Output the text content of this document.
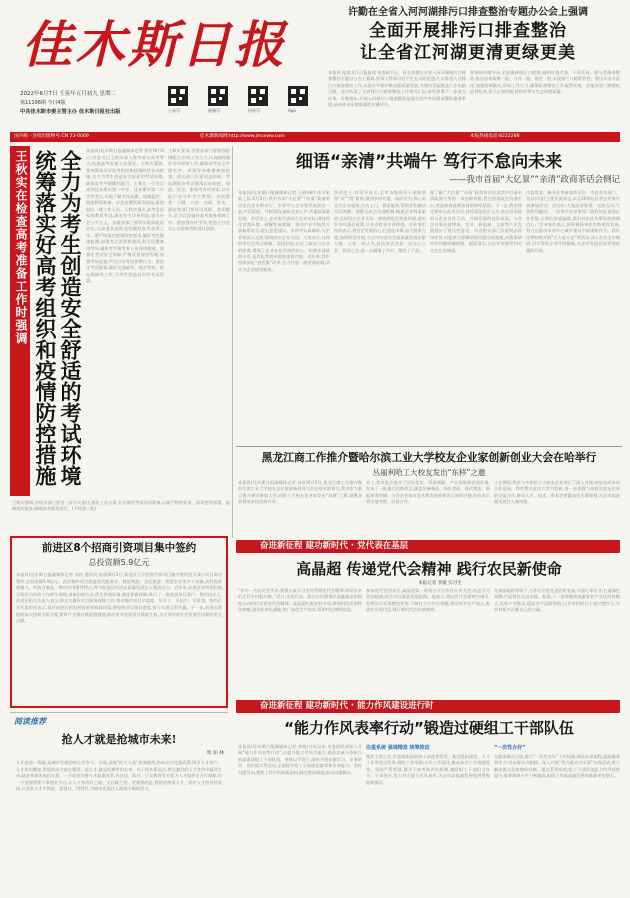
佳木斯日报
2022年6月7日 壬寅年五月初九 星期二
第11196期 今日4版
中共佳木斯市委主管主办 佳木斯日报社出版	公众号	视频号	抖音号	App
许勤在全省入河河湖排污口排查整治专题办公会上强调
全面开展排污口排查整治
让全省江河湖更清更绿更美
本报讯 据黑龙江日报报道 省委副书记、省长许勤在全省入河河湖排污口排查整治专题办公会上强调,要深入贯彻习近平生态文明思想,扎实推进入河排污口排查整治工作,以高水平保护推动高质量发展,为建设美丽黑龙江作出新贡献。会议听取了全省排污口排查整治工作情况汇报,研究部署下一步重点任务。许勤指出,开展入河排污口排查整治是落实党中央决策部署的重要举措,是改善水环境质量的关键环节。
要坚持问题导向,全面摸清排污口底数,做到应查尽查、不留死角。要分类推进整治,依法依规取缔一批、合并一批、规范一批,实现排污口精准管控。要压实各方责任,加强协调联动,形成工作合力,确保排查整治工作取得实效。各地各部门要强化监督检查,建立长效机制,持续改善水生态环境质量。
国内统一连续出版物号:CN 23-0069	佳木斯新闻网:http://www.jmsxww.com	本报热线电话:8222288
王秋实在检查高考准备工作时强调 统筹落实好高考组织和疫情防控措施 全力为考生创造安全舒适的考试环境 本报讯(佳木斯日报融媒体记者 徐哲)6月6日,市委书记王秋实深入我市部分高考考点,检查高考准备工作情况。王秋实强调,要统筹落实好高考组织和疫情防控各项措施,全力为考生创造安全舒适的考试环境,确保高考平稳顺利进行。王秋实一行先后来到佳木斯市第一中学、佳木斯市第二中学等考点,详细了解考场布置、视频监控、防疫物资准备、应急处置预案等情况,看望慰问一线工作人员。王秋实指出,高考是国家级教育考试,事关考生切身利益,事关社会公平正义。各地各部门要切实提高政治站位,以高度负责的态度做好高考各项工作。要严格落实疫情防控要求,做好考生健康监测,加强考点消杀和通风,科学设置备用考场,确保考生和考务人员身体健康。要强化考试安全保障,严格试卷保密管理,加强考场巡查,严厉打击考试作弊行为。要优化考试服务,做好交通疏导、噪音管控、供电保障等工作,为考生营造良好的考试环境。
王秋实要求,各级各部门要加强协调配合,形成工作合力,认真细致做好各项保障工作,确保高考安全平稳有序。市领导李继德参加检查。相关部门负责同志陪同。考试期间各考点要落实好防疫、保密、安全、服务等各项要求,以实际行动守护考生梦想。各级教育、卫健、公安、交通、供电、通信等部门要各司其职、密切配合,全力以赴做好高考服务保障工作。要加强宣传引导,营造全社会关心支持高考的良好氛围。
王秋实强调,各级各部门要进一步压实责任,细化工作方案,扎实做好考前各项准备,以最严格的标准、最周密的部署、最细致的服务,确保高考顺利进行。(下转第二版)
细语“亲清”共端午 笃行不怠向未来
——我市首届“大亿景”“亲清”政商茶话会侧记
本报讯(佳木斯日报融媒体记者 王健)端午佳节来临之际,6月2日,我市首届“大亿景”“亲清”政商茶话会在佳木斯举行。市领导与企业家代表围坐一起,共话发展、共叙情谊,倾听企业心声,共谋高质量发展。茶话会上,企业家代表结合企业实际,围绕优化营商环境、破解发展难题、推动产业升级等方面畅所欲言,提出意见建议。市领导认真倾听,与企业家深入交流,现场回应企业关切。大家表示,这样的茶话会形式新颖、氛围轻松,拉近了政府与企业的距离,增强了企业在佳发展的信心。构建亲清政商关系,是优化营商环境的重要内容。近年来,我市持续深化“放管服”改革,全力打造一流营商环境,切实为企业排忧解难。
茶话会上,市领导表示,全市各级领导干部要坚持“亲”“清”原则,做到亲而有度、清而有为,真心实意为企业服务,主动上门、靠前服务,帮助企业解决实际困难。要健全政企沟通机制,畅通企业诉求渠道,及时回应企业关切。要持续优化营商环境,落实好各项惠企政策,让企业有更多获得感。企业家们纷纷表示,将坚定发展信心,扎根佳木斯,加大投资力度,加快转型升级,为全市经济社会高质量发展贡献力量。大家一致认为,此次茶话会是一次交心之会、鼓劲之会,进一步凝聚了共识、激发了干劲。
据了解,“大亿景”“亲清”政商茶话会是我市打造亲清政商关系的一项创新举措,旨在搭建政企沟通平台,营造尊商重商亲商的浓厚氛围。下一步,我市将定期举办此类活动,持续深化政企互动,推动形成政府与企业良性互动、共同发展的良好局面。与会企业家还就物流、农业、新能源、文旅等产业发展提出了建设性意见。市直相关部门负责同志现场作答,对能够立即解决的问题当场拍板,对需要研究的问题明确时限、跟踪落实,让企业家感受到实实在在的诚意。
市委常委、秘书长等参加茶话会。市直有关部门、各县(市)区主要负责同志,以及30余位民营企业家代表参加活动。活动中,大家品茶叙情、交流互动,气氛热烈融洽。一位参会企业家说:“政府如此重视企业发展,让我们倍感温暖,我们对在佳木斯发展充满信心。”企业家们表示,将积极投身佳木斯建设发展,努力在推动东部中心城市建设中展现新作为。我市还将持续开展“万人进万企”等活动,深入企业走访调研,切实帮助企业纾困解难,为企业发展营造更加优越的环境。
黑龙江商工作推介暨哈尔滨工业大学校友企业家创新创业大会在哈举行
丛丽利哈工大校友发出“东移”之邀
本报讯(佳木斯日报融媒体记者 孙芳)6月5日,黑龙江商工作推介暨哈尔滨工业大学校友企业家创新创业大会在哈尔滨举行,我市作为重点推介城市参加大会,向哈工大校友企业家发出“东移”之邀,诚邀各界精英来佳投资兴业。
会上,我市重点推介了区位优势、资源禀赋、产业基础和营商环境,发布了一批重点招商项目,涵盖装备制造、绿色食品、现代物流、新能源等领域。与会企业家对佳木斯发展前景表示浓厚兴趣,纷纷表示将实地考察、洽谈合作。
大会期间,我市与多家哈工大校友企业进行了深入对接,初步达成多项合作意向。我市将以此次大会为契机,进一步加强与高校及校友企业的交流合作,推动人才、技术、资本等要素向佳木斯集聚,为全市高质量发展注入新动能。
前进区8个招商引资项目集中签约
总投资额5.9亿元
本报讯(佳木斯日报融媒体记者 刘洋 通讯员 张丽)6月2日,前进区召开招商引资项目集中签约仪式,8个项目成功签约,总投资额5.9亿元。此次签约项目涵盖现代服务业、商贸物流、文化旅游、智慧农业等多个领域,具有投资规模大、科技含量高、带动作用强等特点,将为前进区经济高质量发展注入强劲动力。近年来,前进区坚持把招商引资作为经济工作的生命线,创新招商方式,优化营商环境,强化要素保障,吸引了一批优质项目落户。签约仪式上,前进区相关负责人表示,将全力做好项目服务保障工作,推动签约项目早落地、早开工、早投产、早见效。签约企业代表纷纷表示,看好前进区的发展前景和营商环境,将加快项目建设进度,努力实现互利共赢。下一步,前进区将持续加大招商引资力度,紧盯产业链补链延链强链,推动更多优质项目落地生根,为全市经济社会发展作出新的更大贡献。
奋进新征程 建功新时代 · 党代表在基层
高晶超 传递党代会精神 践行农民新使命
本报记者 李媛 实习生
“作为一名农民党代表,我将认真学习宣传贯彻党代会精神,带领乡亲们走好乡村振兴路。”近日,市党代表、某合作社理事长高晶超在田间地头向村民宣讲党代会精神。高晶超扎根农村多年,带领村民发展特色种植,建设标准化基地,推广绿色生产技术,帮助村民增收致富。
参加党代会回来后,高晶超第一时间召开合作社社员大会,传达学习会议精神,结合实际谋划发展思路。他表示,将以党代会精神为指引,发挥党员先锋模范作用,不断壮大合作社规模,带动更多农户加入,推进农业现代化,践行新时代农民新使命。
在高晶超的带领下,合作社引进先进农机装备,开展订单农业,打造绿色品牌,产品销往全国各地。他说,下一步将继续探索农业产业化经营模式,延伸产业链条,提高农产品附加值,让乡亲们的日子越过越红火,为乡村振兴贡献自己的力量。
奋进新征程 建功新时代 · 能力作风建设进行时
“能力作风表率行动”锻造过硬组工干部队伍
本报讯(佳木斯日报融媒体记者 李媛)今年以来,市委组织部深入开展“能力作风表率行动”,以提升能力作风为重点,锻造忠诚干净担当的高素质组工干部队伍。坚持以学促干,组织开展专题学习、业务培训、岗位练兵等活动,全面提升组工干部政治素养和业务能力。坚持问题导向,聚焦工作中的短板弱项,制定整改措施,推动问题解决。
注重系统 强调精准 统筹推进
聚焦主责主业,市委组织部围绕干部选育管用、基层组织建设、人才工作等重点任务,细化工作举措,压实工作责任,推动各项工作落地见效。坚持严管厚爱,健全干部考核评价机制,激励组工干部担当作为、干事创业,努力争当能力作风表率,为全市高质量发展提供坚强组织保证。
“一次性办好”
在服务群众方面,推行“一次性办好”工作机制,简化办事流程,提高服务效率,让党员群众少跑腿。深入开展“我为群众办实事”实践活动,着力解决群众急难愁盼问题。通过系列举措,组工干部队伍能力作风持续提升,服务保障水平不断提高,组织工作高质量发展的基础更加坚实。
阅读推荐
抢人才就是抢城市未来!
周 知 林
人才是第一资源,是城市发展的核心竞争力。当前,各地“抢人大战”愈演愈烈,纷纷出台优惠政策,吸引人才落户。人才流向哪里,发展的动力就在哪里。抢人才,就是抢城市的未来。对于佳木斯而言,要在激烈的人才竞争中赢得主动,就必须拿出真招实招。一方面要完善人才政策体系,在住房、医疗、子女教育等方面为人才提供全方位保障;另一方面要搭建干事创业平台,让人才有用武之地、无后顾之忧。更重要的是,要营造尊重人才、爱护人才的良好氛围,让各类人才引得进、留得住、用得好,为城市发展注入源源不断的活力。
